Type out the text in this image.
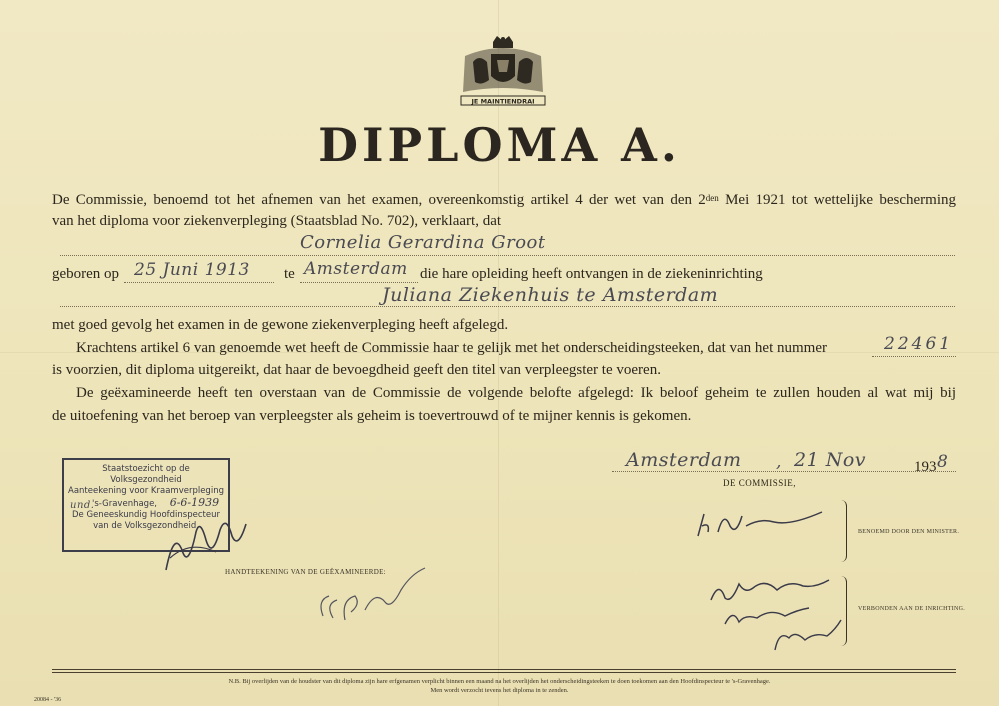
JE MAINTIENDRAI
DIPLOMA A.
De Commissie, benoemd tot het afnemen van het examen, overeenkomstig artikel 4 der wet van den $2^{den}$ Mei 1921 tot wettelijke bescherming
van het diploma voor ziekenverpleging (Staatsblad No. 702), verklaart, dat
Cornelia Gerardina Groot
geboren op 25 Juni 1913 te Amsterdam die hare opleiding heeft ontvangen in de ziekeninrichting
Juliana Ziekenhuis te Amsterdam
met goed gevolg het examen in de gewone ziekenverpleging heeft afgelegd.
Krachtens artikel 6 van genoemde wet heeft de Commissie haar te gelijk met het onderscheidingsteeken, dat van het nummer	22461
is voorzien, dit diploma uitgereikt, dat haar de bevoegdheid geeft den titel van verpleegster te voeren.
De geëxamineerde heeft ten overstaan van de Commissie de volgende belofte afgelegd: Ik beloof geheim te zullen houden al wat mij bij
de uitoefening van het beroep van verpleegster als geheim is toevertrouwd of te mijner kennis is gekomen.
Staatstoezicht op de
Volksgezondheid
Aanteekening voor Kraamverpleging
's-Gravenhage, 6-6-1939
De Geneeskundig Hoofdinspecteur
van de Volksgezondheid,
und.
HANDTEEKENING VAN DE GEËXAMINEERDE:
Amsterdam , 21 Nov	193 8
DE COMMISSIE,
BENOEMD DOOR DEN MINISTER.
VERBONDEN AAN DE INRICHTING.
N.B. Bij overlijden van de houdster van dit diploma zijn hare erfgenamen verplicht binnen een maand na het overlijden het onderscheidingsteeken te doen toekomen aan den Hoofdinspecteur te 's-Gravenhage.
Men wordt verzocht tevens het diploma in te zenden.
20084 - '36
